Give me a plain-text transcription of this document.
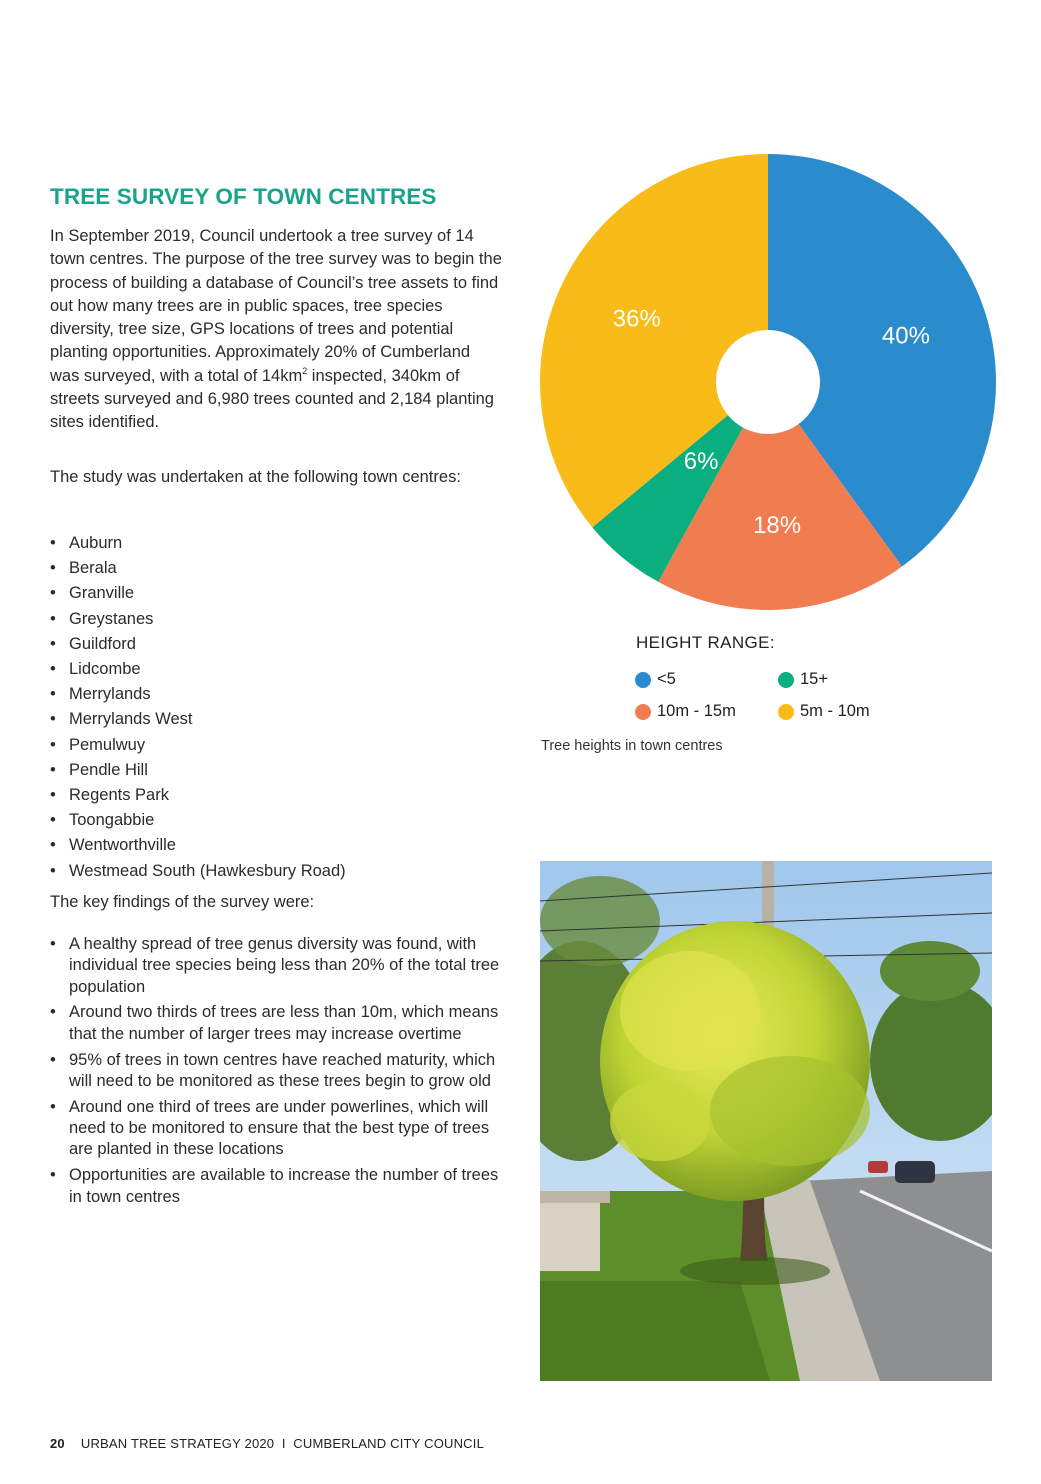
TREE SURVEY OF TOWN CENTRES

In September 2019, Council undertook a tree survey of 14 town centres. The purpose of the tree survey was to begin the process of building a database of Council’s tree assets to find out how many trees are in public spaces, tree species diversity, tree size, GPS locations of trees and potential planting opportunities. Approximately 20% of Cumberland was surveyed, with a total of $14km^2$ inspected, 340km of streets surveyed and 6,980 trees counted and 2,184 planting sites identified.

The study was undertaken at the following town centres:

• Auburn
• Berala
• Granville
• Greystanes
• Guildford
• Lidcombe
• Merrylands
• Merrylands West
• Pemulwuy
• Pendle Hill
• Regents Park
• Toongabbie
• Wentworthville
• Westmead South (Hawkesbury Road)

The key findings of the survey were:

• A healthy spread of tree genus diversity was found, with individual tree species being less than 20% of the total tree population
• Around two thirds of trees are less than 10m, which means that the number of larger trees may increase overtime
• 95% of trees in town centres have reached maturity, which will need to be monitored as these trees begin to grow old
• Around one third of trees are under powerlines, which will need to be monitored to ensure that the best type of trees are planted in these locations
• Opportunities are available to increase the number of trees in town centres
40%
18%
6%
36%
HEIGHT RANGE:
<5	15+
10m - 15m	5m - 10m
Tree heights in town centres
20 URBAN TREE STRATEGY 2020  I  CUMBERLAND CITY COUNCIL
